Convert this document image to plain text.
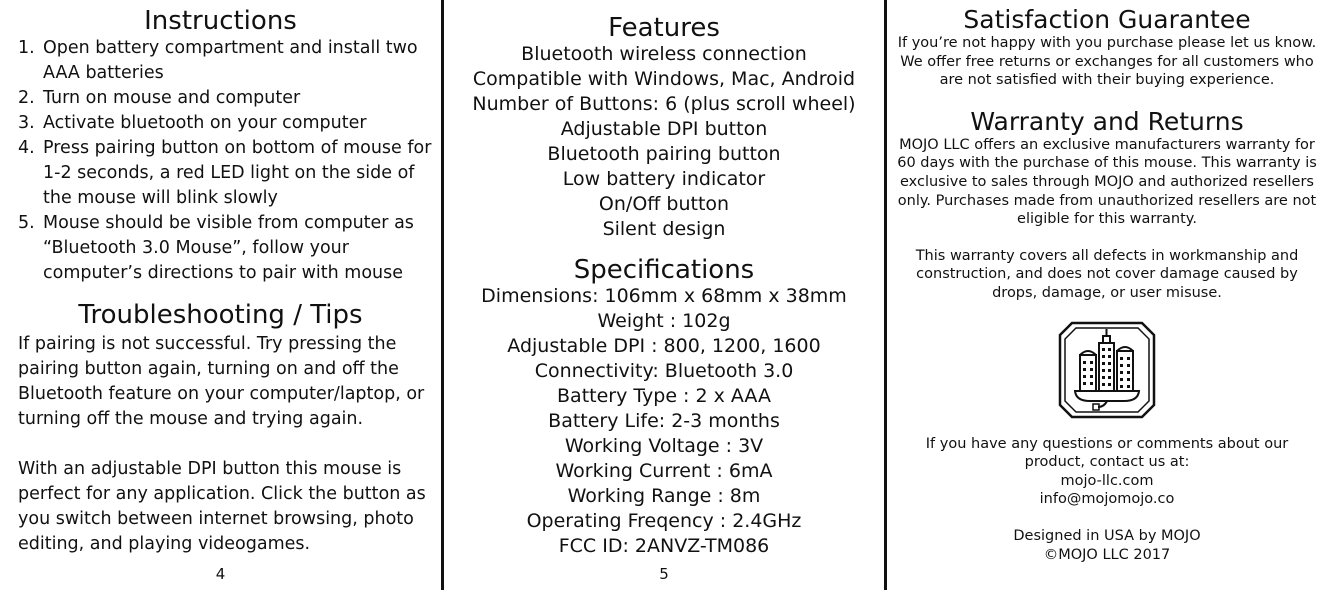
Instructions
1. Open battery compartment and install two AAA batteries
2. Turn on mouse and computer
3. Activate bluetooth on your computer
4. Press pairing button on bottom of mouse for 1-2 seconds, a red LED light on the side of the mouse will blink slowly
5. Mouse should be visible from computer as “Bluetooth 3.0 Mouse”, follow your computer’s directions to pair with mouse
Troubleshooting / Tips

If pairing is not successful. Try pressing the pairing button again, turning on and off the Bluetooth feature on your computer/laptop, or turning off the mouse and trying again.

With an adjustable DPI button this mouse is perfect for any application. Click the button as you switch between internet browsing, photo editing, and playing videogames.

4
Features
Bluetooth wireless connection
Compatible with Windows, Mac, Android
Number of Buttons: 6 (plus scroll wheel)
Adjustable DPI button
Bluetooth pairing button
Low battery indicator
On/Off button
Silent design
Specifications
Dimensions: 106mm x 68mm x 38mm
Weight : 102g
Adjustable DPI : 800, 1200, 1600
Connectivity: Bluetooth 3.0
Battery Type : 2 x AAA
Battery Life: 2-3 months
Working Voltage : 3V
Working Current : 6mA
Working Range : 8m
Operating Freqency : 2.4GHz
FCC ID: 2ANVZ-TM086
5
Satisfaction Guarantee

If you’re not happy with you purchase please let us know. We offer free returns or exchanges for all customers who are not satisfied with their buying experience.

Warranty and Returns

MOJO LLC offers an exclusive manufacturers warranty for 60 days with the purchase of this mouse. This warranty is exclusive to sales through MOJO and authorized resellers only. Purchases made from unauthorized resellers are not eligible for this warranty.

This warranty covers all defects in workmanship and construction, and does not cover damage caused by drops, damage, or user misuse.

If you have any questions or comments about our product, contact us at:

mojo-llc.com

info@mojomojo.co

Designed in USA by MOJO

©MOJO LLC 2017
